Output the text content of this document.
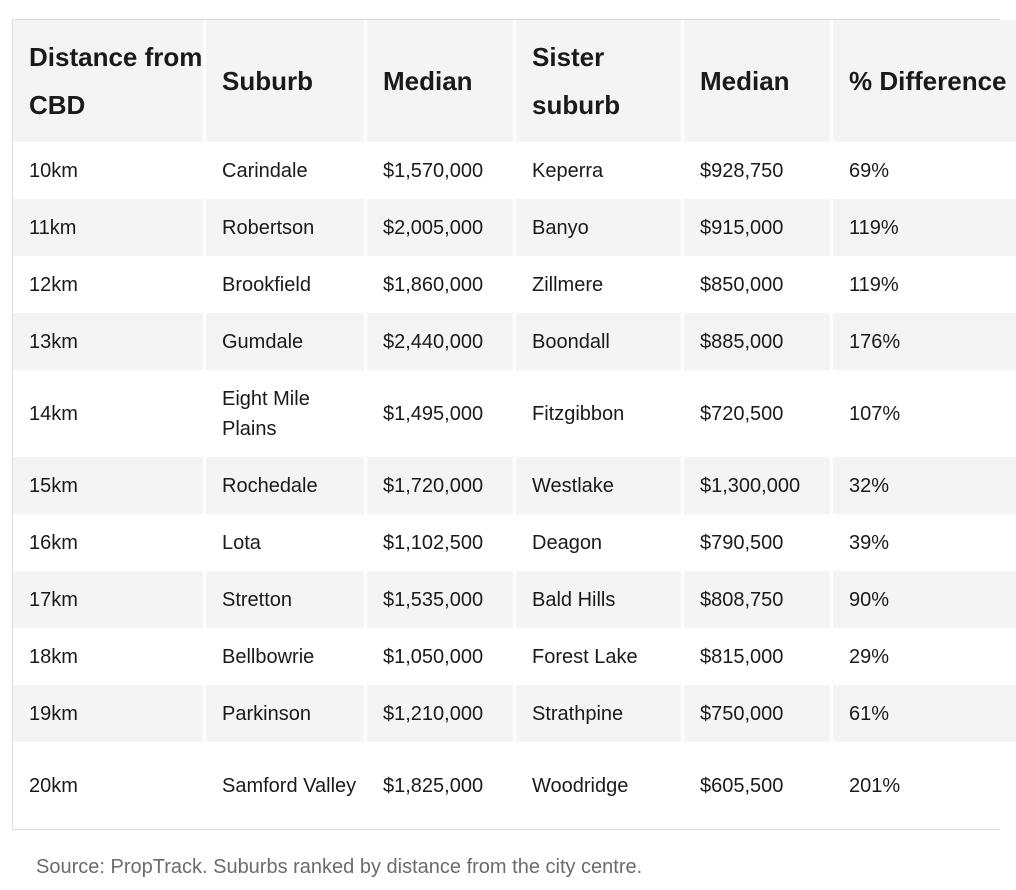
Distance from CBD	Suburb	Median	Sister suburb	Median	% Difference
10km	Carindale	$1,570,000	Keperra	$928,750	69%
11km	Robertson	$2,005,000	Banyo	$915,000	119%
12km	Brookfield	$1,860,000	Zillmere	$850,000	119%
13km	Gumdale	$2,440,000	Boondall	$885,000	176%
14km	Eight Mile Plains	$1,495,000	Fitzgibbon	$720,500	107%
15km	Rochedale	$1,720,000	Westlake	$1,300,000	32%
16km	Lota	$1,102,500	Deagon	$790,500	39%
17km	Stretton	$1,535,000	Bald Hills	$808,750	90%
18km	Bellbowrie	$1,050,000	Forest Lake	$815,000	29%
19km	Parkinson	$1,210,000	Strathpine	$750,000	61%
20km	Samford Valley	$1,825,000	Woodridge	$605,500	201%
Source: PropTrack. Suburbs ranked by distance from the city centre.
